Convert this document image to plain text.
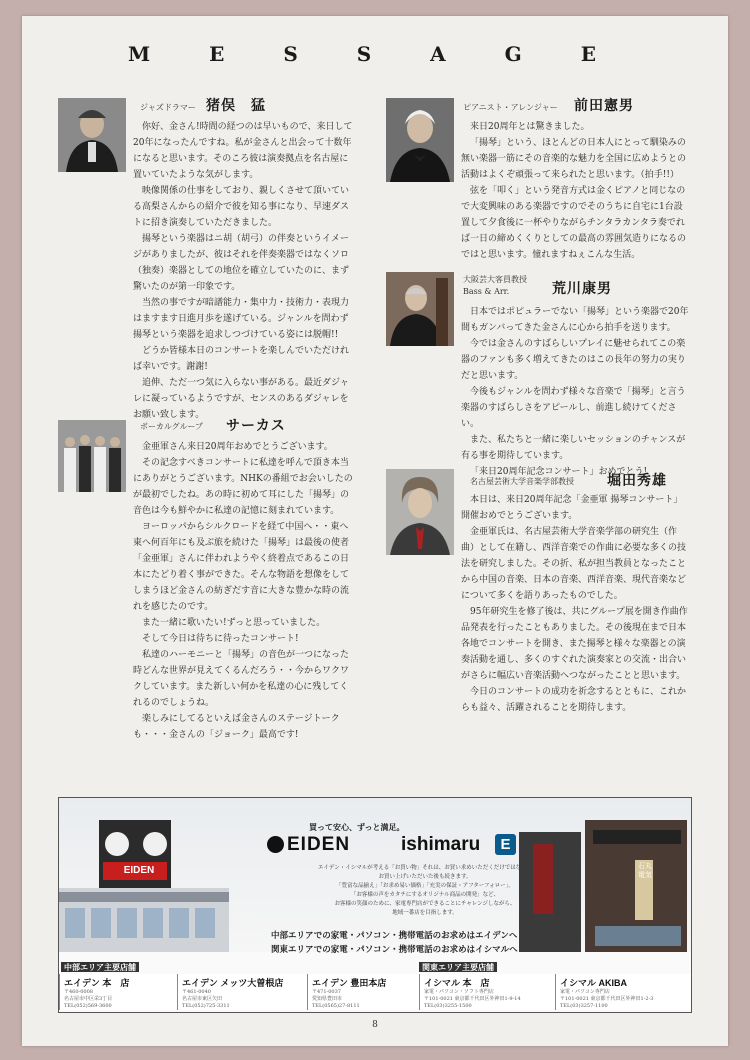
M E S S A G E
ジャズドラマー 猪俣　猛

你好、金さん!時間の経つのは早いもので、来日して20年になったんですね。私が金さんと出会って十数年になると思います。そのころ彼は演奏拠点を名古屋に置いていたような気がします。

映像関係の仕事をしており、親しくさせて頂いている高梨さんからの紹介で彼を知る事になり、早速ダストに招き演奏していただきました。

揚琴という楽器はニ胡（胡弓）の伴奏というイメージがありましたが、彼はそれを伴奏楽器ではなくソロ（独奏）楽器としての地位を確立していたのに、まず驚いたのが第一印象です。

当然の事ですが暗譜能力・集中力・技術力・表現力はますます日進月歩を遂げている。ジャンルを問わず揚琴という楽器を追求しつづけている姿には脱帽!!

どうか皆様本日のコンサートを楽しんでいただければ幸いです。謝謝!

追伸、ただ一つ気に入らない事がある。最近ダジャレに凝っているようですが、センスのあるダジャレをお願い致します。

ボーカルグループ サーカス

金亜軍さん来日20周年おめでとうございます。

その記念すべきコンサートに私達を呼んで頂き本当にありがとうございます。NHKの番組でお会いしたのが最初でしたね。あの時に初めて耳にした「揚琴」の音色は今も鮮やかに私達の記憶に刻まれています。

ヨーロッパからシルクロードを経て中国へ・・東へ東へ何百年にも及ぶ旅を続けた「揚琴」は最後の使者「金亜軍」さんに伴われようやく終着点であるこの日本にたどり着く事ができた。そんな物語を想像をしてしまうほど金さんの紡ぎだす音に大きな豊かな時の流れを感じたのです。

また一緒に歌いたい!ずっと思っていました。

そして今日は待ちに待ったコンサート!

私達のハーモニーと「揚琴」の音色が一つになった時どんな世界が見えてくるんだろう・・今からワクワクしています。また新しい何かを私達の心に残してくれるのでしょうね。

楽しみにしてるといえば金さんのステージトークも・・・金さんの「ジョーク」最高です!

ピアニスト・アレンジャー 前田憲男

来日20周年とは驚きました。

「揚琴」という、ほとんどの日本人にとって馴染みの無い楽器一筋にその音楽的な魅力を全国に広めようとの活動はよくぞ頑張って来られたと思います。（拍手!!）

弦を「叩く」という発音方式は金くピアノと同じなので大変興味のある楽器ですのでそのうちに自宅に1台設置して夕食後に一杯やりながらチンタラカンタラ奏でれば一日の締めくくりとしての最高の雰囲気造りになるのではと思います。憧れますねぇこんな生活。

大阪芸大客員教授
Bass & Arr.	荒川康男

日本ではポピュラーでない「揚琴」という楽器で20年間もガンバってきた金さんに心から拍手を送ります。

今では金さんのすばらしいプレイに魅せられてこの楽器のファンも多く増えてきたのはこの長年の努力の実りだと思います。

今後もジャンルを問わず様々な音楽で「揚琴」と言う楽器のすばらしさをアピールし、前進し続けてください。

また、私たちと一緒に楽しいセッションのチャンスが有る事を期待しています。

「来日20周年記念コンサート」おめでとう!

名古屋芸術大学音楽学部教授 堀田秀雄

本日は、来日20周年記念「金亜軍 揚琴コンサート」開催おめでとうございます。

金亜軍氏は、名古屋芸術大学音楽学部の研究生（作曲）として在籍し、西洋音楽での作曲に必要な多くの技法を研究しました。その折、私が担当教員となったことから中国の音楽、日本の音楽、西洋音楽、現代音楽などについて多くを語りあったものでした。

95年研究生を修了後は、共にグループ展を開き作曲作品発表を行ったこともありました。その後現在まで日本各地でコンサートを開き、また揚琴と様々な楽器との演奏活動を通し、多くのすぐれた演奏家との交流・出合いがさらに幅広い音楽活動へつながったことと思います。

今日のコンサートの成功を祈念するとともに、これからも益々、活躍されることを期待します。

EIDEN	石丸電気
買って安心、ずっと満足。
EIDEN	ishimaru	E
エイデン・イシマルが考える「お買い物」それは、お買い求めいただくだけではなく、
お買い上げいただいた後も続きます。
「豊富な品揃え」「お求め易い価格」「充実の保証・アフターフォロー」。
「お客様の声をカタチにするオリジナル商品の開発」など、
お客様の笑顔のために、家電専門店ができることにチャレンジしながら、
地域一番店を目指します。
中部エリアでの家電・パソコン・携帯電話のお求めはエイデンへ
関東エリアでの家電・パソコン・携帯電話のお求めはイシマルへ
中部エリア主要店舗	関東エリア主要店舗
エイデン 本　店
〒460-0008
名古屋市中区栄3丁目
TEL(052)569-3600
エイデン メッツ大曽根店
〒461-0040
名古屋市東区矢田
TEL(052)725-3311
エイデン 豊田本店
〒471-0037
愛知県豊田市
TEL(0565)27-8111
イシマル 本　店
家電・パソコン・ソフト専門店
〒101-0021 東京都千代田区外神田1-9-14
TEL(03)3255-1500
イシマル AKIBA
家電・パソコン専門店
〒101-0021 東京都千代田区外神田1-2-3
TEL(03)3257-1100
8
